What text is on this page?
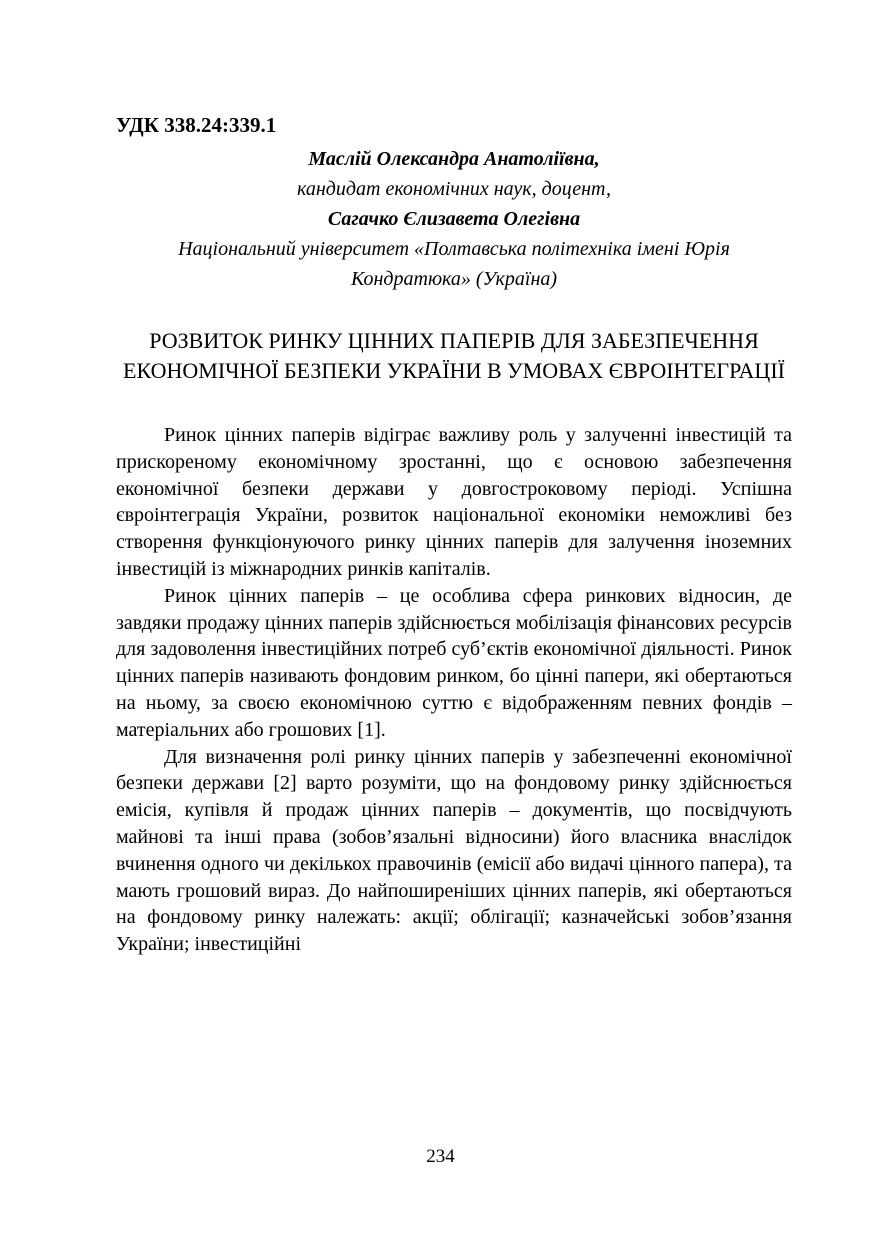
УДК 338.24:339.1

Маслій Олександра Анатоліївна,

кандидат економічних наук, доцент,

Сагачко Єлизавета Олегівна

Національний університет «Полтавська політехніка імені Юрія Кондратюка» (Україна)

РОЗВИТОК РИНКУ ЦІННИХ ПАПЕРІВ ДЛЯ ЗАБЕЗПЕЧЕННЯ ЕКОНОМІЧНОЇ БЕЗПЕКИ УКРАЇНИ В УМОВАХ ЄВРОІНТЕГРАЦІЇ

Ринок цінних паперів відіграє важливу роль у залученні інвестицій та прискореному економічному зростанні, що є основою забезпечення економічної безпеки держави у довгостроковому періоді. Успішна євроінтеграція України, розвиток національної економіки неможливі без створення функціонуючого ринку цінних паперів для залучення іноземних інвестицій із міжнародних ринків капіталів.

Ринок цінних паперів – це особлива сфера ринкових відносин, де завдяки продажу цінних паперів здійснюється мобілізація фінансових ресурсів для задоволення інвестиційних потреб суб’єктів економічної діяльності. Ринок цінних паперів називають фондовим ринком, бо цінні папери, які обертаються на ньому, за своєю економічною суттю є відображенням певних фондів – матеріальних або грошових [1].

Для визначення ролі ринку цінних паперів у забезпеченні економічної безпеки держави [2] варто розуміти, що на фондовому ринку здійснюється емісія, купівля й продаж цінних паперів – документів, що посвідчують майнові та інші права (зобов’язальні відносини) його власника внаслідок вчинення одного чи декількох правочинів (емісії або видачі цінного папера), та мають грошовий вираз. До найпоширеніших цінних паперів, які обертаються на фондовому ринку належать: акції; облігації; казначейські зобов’язання України; інвестиційні

234
